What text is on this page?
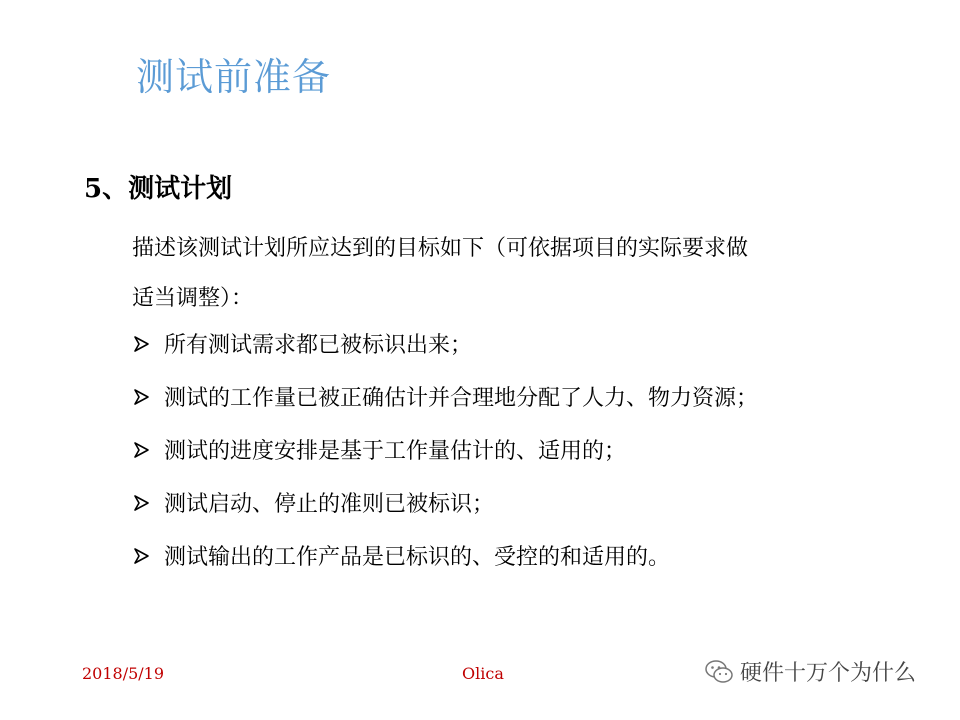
测试前准备
5、测试计划
描述该测试计划所应达到的目标如下（可依据项目的实际要求做
适当调整）：
所有测试需求都已被标识出来；
测试的工作量已被正确估计并合理地分配了人力、物力资源；
测试的进度安排是基于工作量估计的、适用的；
测试启动、停止的准则已被标识；
测试输出的工作产品是已标识的、受控的和适用的。
2018/5/19	Olica	硬件十万个为什么
